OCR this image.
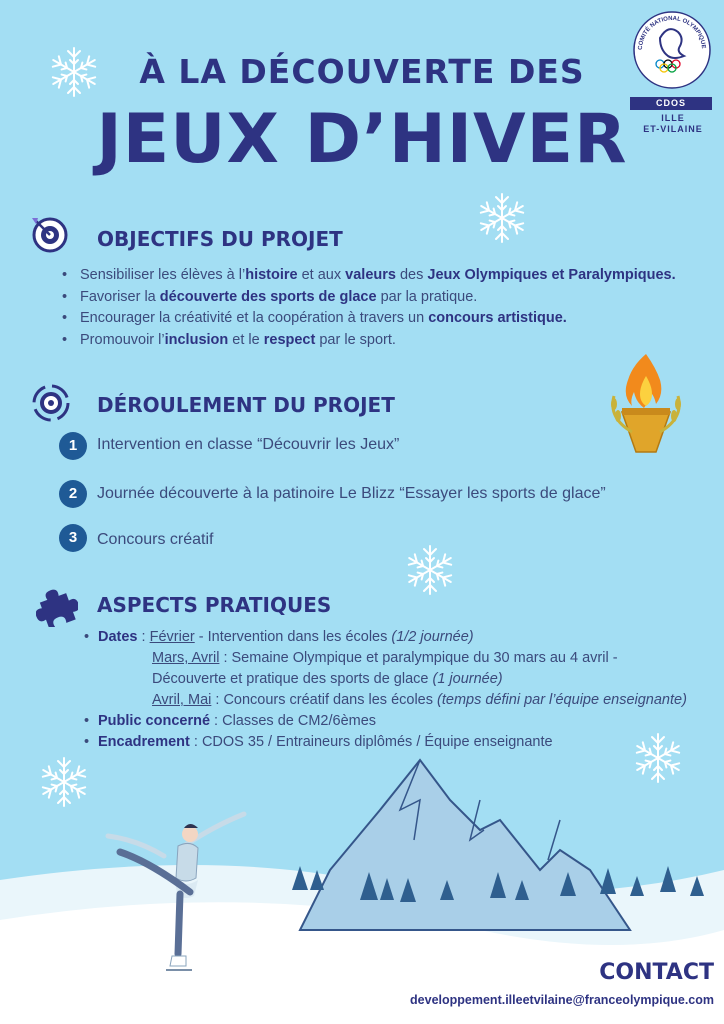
COMITÉ NATIONAL OLYMPIQUE
CDOS
ILLE
ET-VILAINE
À LA DÉCOUVERTE DES
JEUX D’HIVER
OBJECTIFS DU PROJET
• Sensibiliser les élèves à l’histoire et aux valeurs des Jeux Olympiques et Paralympiques.
• Favoriser la découverte des sports de glace par la pratique.
• Encourager la créativité et la coopération à travers un concours artistique.
• Promouvoir l’inclusion et le respect par le sport.
DÉROULEMENT DU PROJET
1	Intervention en classe “Découvrir les Jeux”
2	Journée découverte à la patinoire Le Blizz “Essayer les sports de glace”
3	Concours créatif
ASPECTS PRATIQUES
• Dates : Février - Intervention dans les écoles (1/2 journée)
Mars, Avril : Semaine Olympique et paralympique du 30 mars au 4 avril -
Découverte et pratique des sports de glace (1 journée)
Avril, Mai : Concours créatif dans les écoles (temps défini par l’équipe enseignante)
• Public concerné : Classes de CM2/6èmes
• Encadrement : CDOS 35 / Entraineurs diplômés / Équipe enseignante
CONTACT
developpement.illeetvilaine@franceolympique.com
